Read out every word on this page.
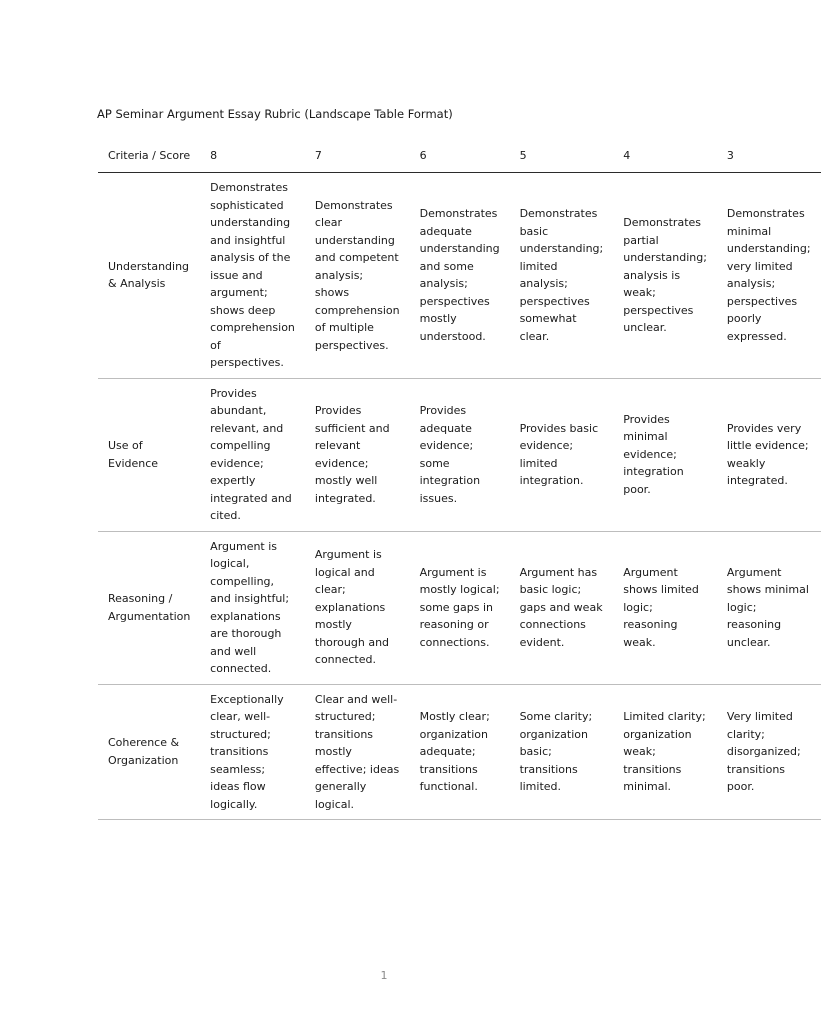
AP Seminar Argument Essay Rubric (Landscape Table Format)
Criteria / Score	8	7	6	5	4	3
Understanding & Analysis	Demonstrates sophisticated understanding and insightful analysis of the issue and argument; shows deep comprehension of perspectives.	Demonstrates clear understanding and competent analysis; shows comprehension of multiple perspectives.	Demonstrates adequate understanding and some analysis; perspectives mostly understood.	Demonstrates basic understanding; limited analysis; perspectives somewhat clear.	Demonstrates partial understanding; analysis is weak; perspectives unclear.	Demonstrates minimal understanding; very limited analysis; perspectives poorly expressed.
Use of Evidence	Provides abundant, relevant, and compelling evidence; expertly integrated and cited.	Provides sufficient and relevant evidence; mostly well integrated.	Provides adequate evidence; some integration issues.	Provides basic evidence; limited integration.	Provides minimal evidence; integration poor.	Provides very little evidence; weakly integrated.
Reasoning / Argumentation	Argument is logical, compelling, and insightful; explanations are thorough and well connected.	Argument is logical and clear; explanations mostly thorough and connected.	Argument is mostly logical; some gaps in reasoning or connections.	Argument has basic logic; gaps and weak connections evident.	Argument shows limited logic; reasoning weak.	Argument shows minimal logic; reasoning unclear.
Coherence & Organization	Exceptionally clear, well-structured; transitions seamless; ideas flow logically.	Clear and well-structured; transitions mostly effective; ideas generally logical.	Mostly clear; organization adequate; transitions functional.	Some clarity; organization basic; transitions limited.	Limited clarity; organization weak; transitions minimal.	Very limited clarity; disorganized; transitions poor.
1
